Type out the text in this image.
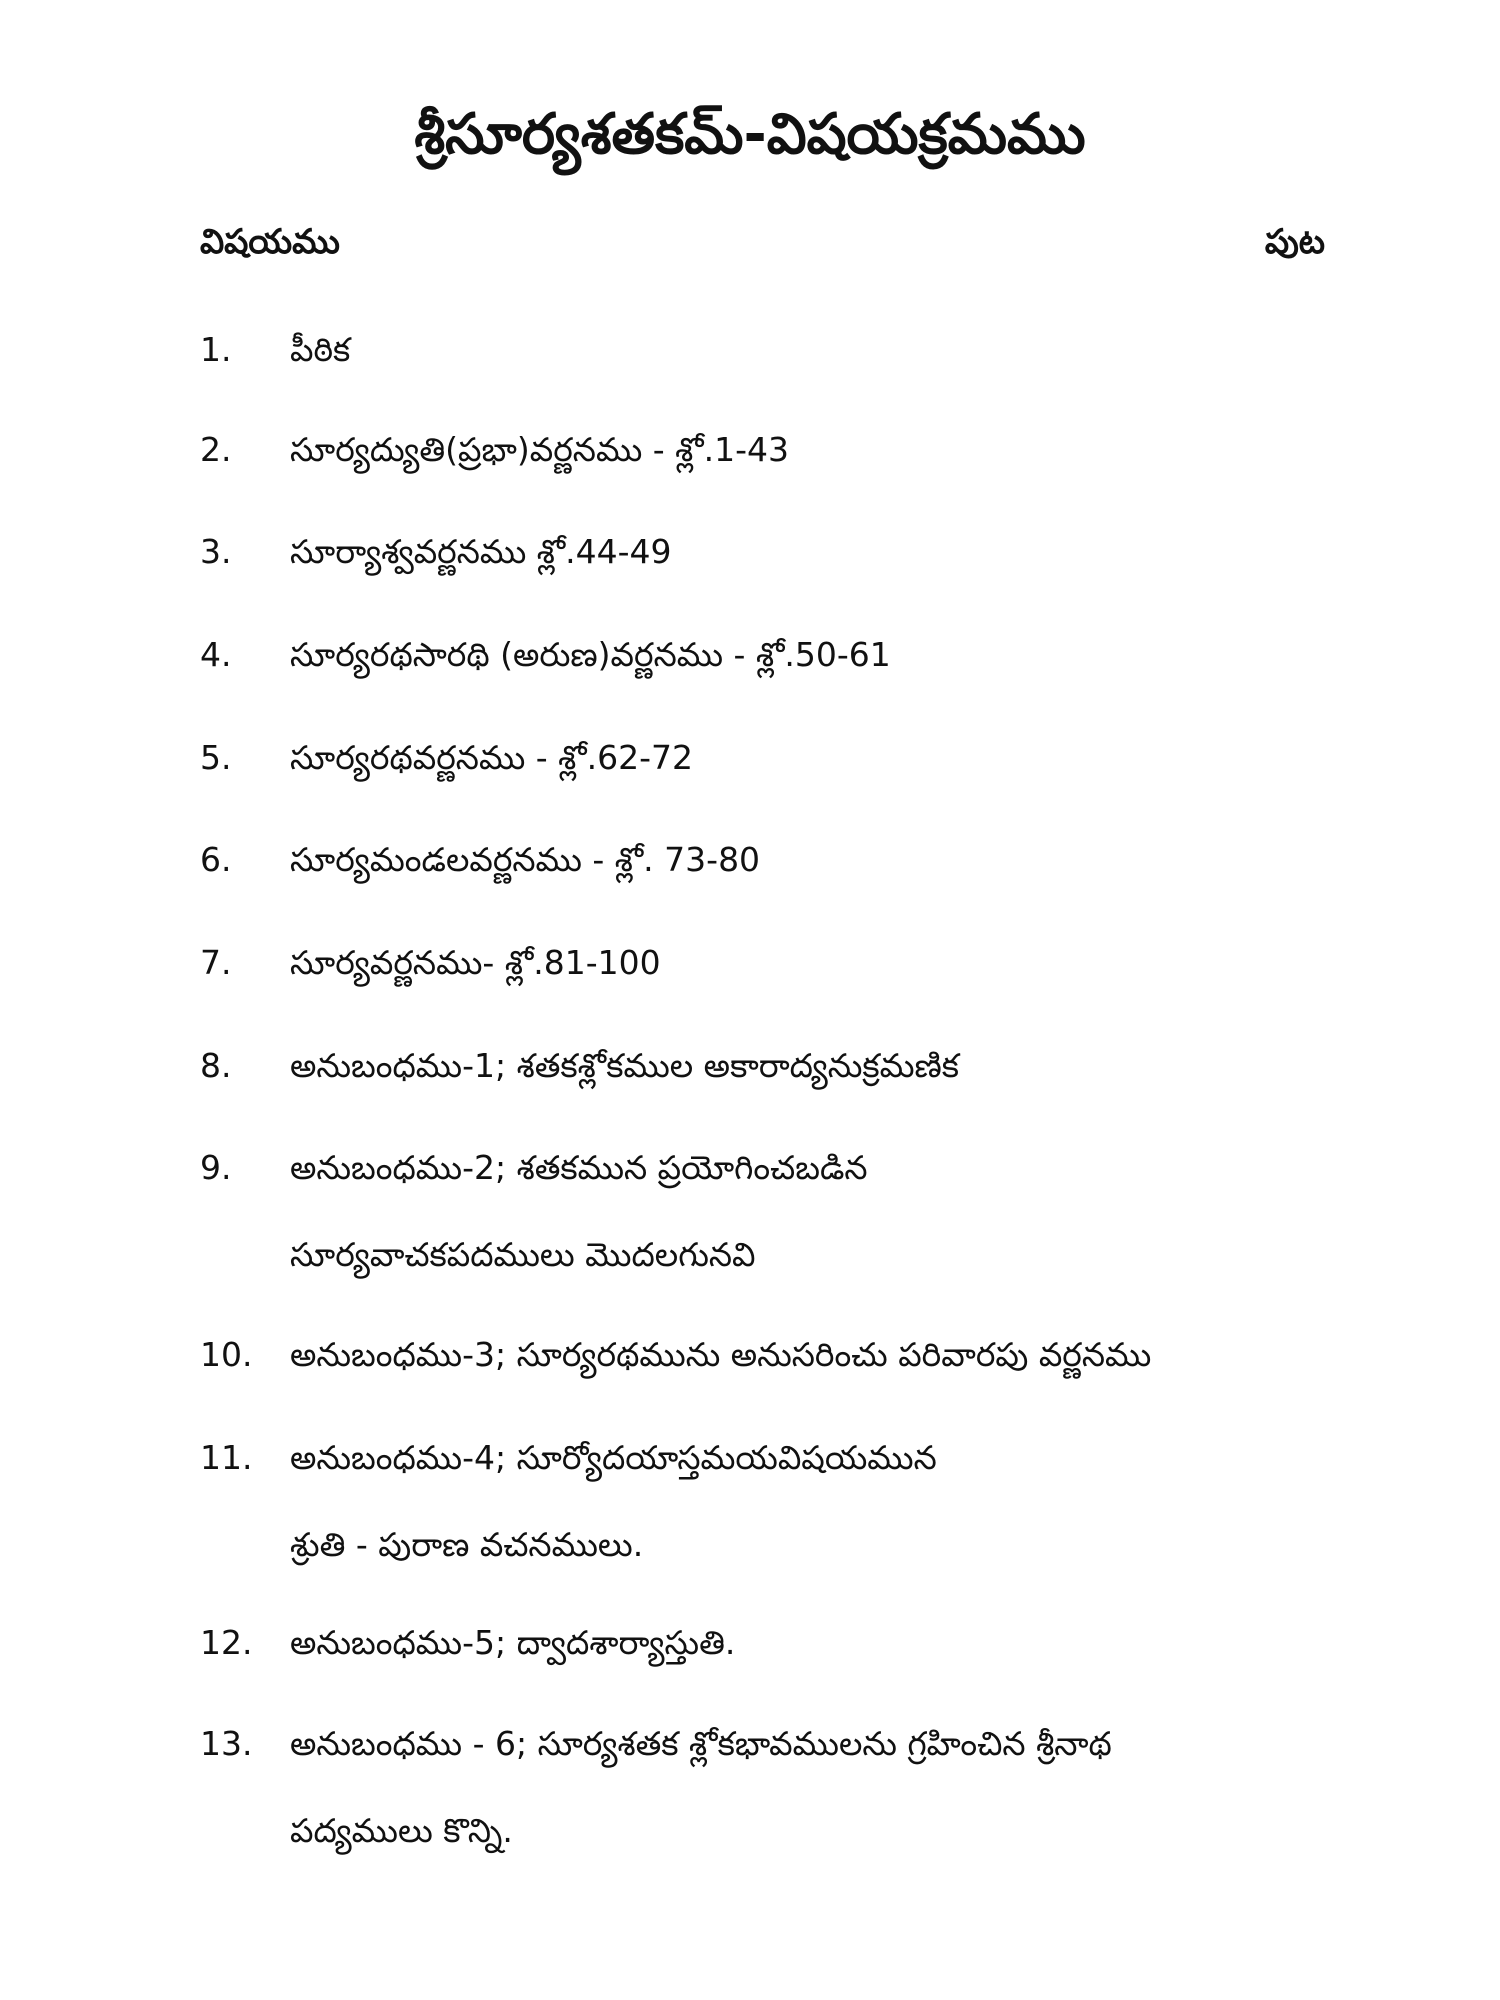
శ్రీసూర్యశతకమ్-విషయక్రమము
విషయము	పుట
1.	పీఠిక
2.	సూర్యద్యుతి(ప్రభా)వర్ణనము - శ్లో.1-43
3.	సూర్యాశ్వవర్ణనము శ్లో.44-49
4.	సూర్యరథసారథి (అరుణ)వర్ణనము - శ్లో.50-61
5.	సూర్యరథవర్ణనము - శ్లో.62-72
6.	సూర్యమండలవర్ణనము - శ్లో. 73-80
7.	సూర్యవర్ణనము- శ్లో.81-100
8.	అనుబంధము-1; శతకశ్లోకముల అకారాద్యనుక్రమణిక
9.	అనుబంధము-2; శతకమున ప్రయోగించబడిన
సూర్యవాచకపదములు మొదలగునవి
10.	అనుబంధము-3; సూర్యరథమును అనుసరించు పరివారపు వర్ణనము
11.	అనుబంధము-4; సూర్యోదయాస్తమయవిషయమున
శ్రుతి - పురాణ వచనములు.
12.	అనుబంధము-5; ద్వాదశార్యాస్తుతి.
13.	అనుబంధము - 6; సూర్యశతక శ్లోకభావములను గ్రహించిన శ్రీనాథ
పద్యములు కొన్ని.
